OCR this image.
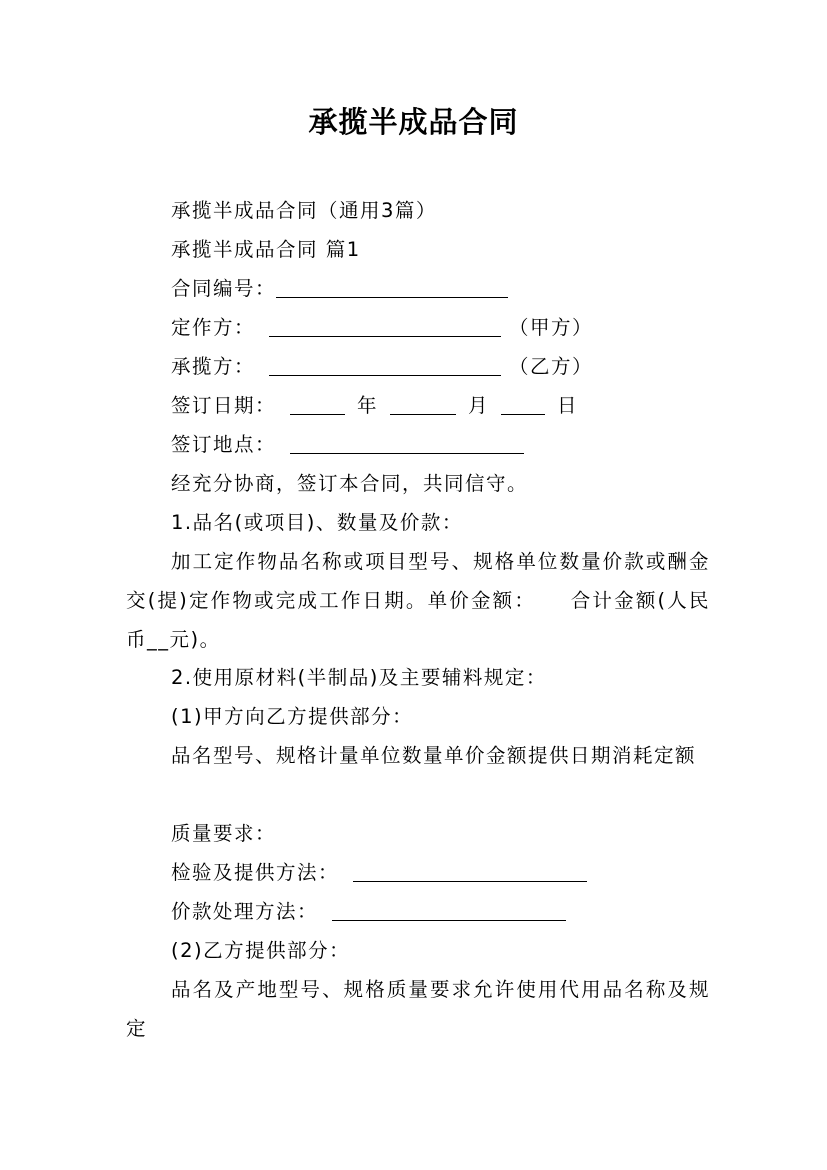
承揽半成品合同
承揽半成品合同（通用3篇）
承揽半成品合同 篇1
合同编号：
定作方：	（甲方）
承揽方：	（乙方）
签订日期：	年	月	日
签订地点：
经充分协商，签订本合同，共同信守。
1.品名(或项目)、数量及价款：
加工定作物品名称或项目型号、规格单位数量价款或酬金交(提)定作物或完成工作日期。单价金额： 合计金额(人民币__元)。
2.使用原材料(半制品)及主要辅料规定：
(1)甲方向乙方提供部分：
品名型号、规格计量单位数量单价金额提供日期消耗定额
质量要求：
检验及提供方法：
价款处理方法：
(2)乙方提供部分：
品名及产地型号、规格质量要求允许使用代用品名称及规定
